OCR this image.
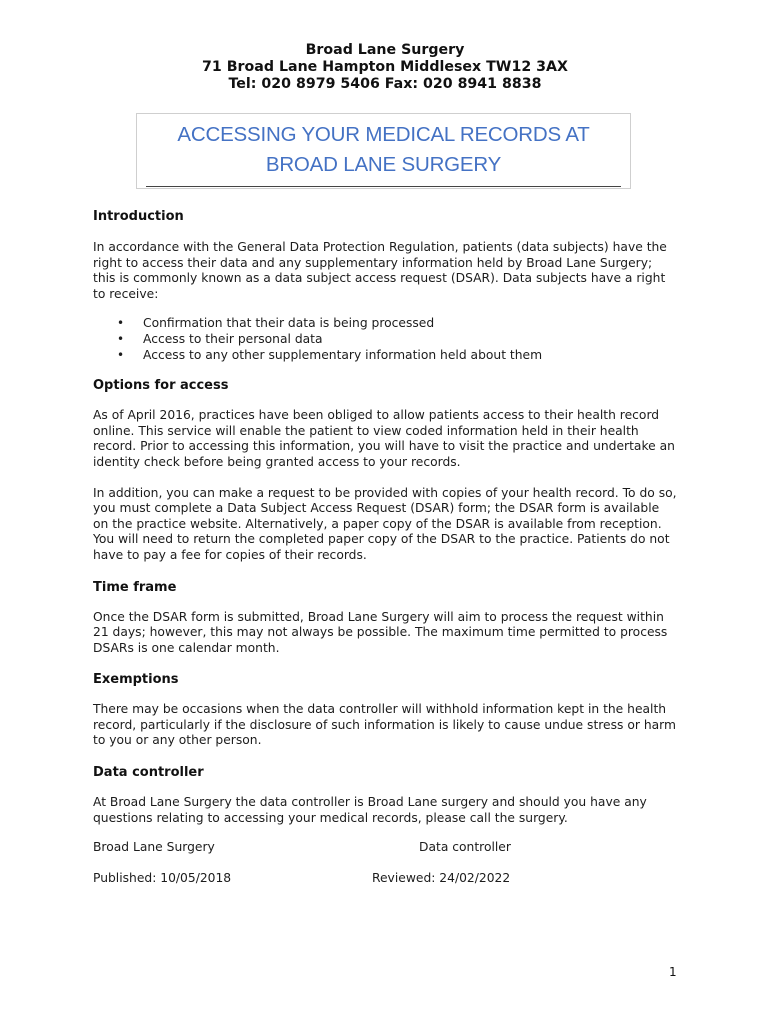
Broad Lane Surgery
71 Broad Lane Hampton Middlesex TW12 3AX
Tel: 020 8979 5406 Fax: 020 8941 8838
ACCESSING YOUR MEDICAL RECORDS AT
BROAD LANE SURGERY
Introduction

In accordance with the General Data Protection Regulation, patients (data subjects) have the right to access their data and any supplementary information held by Broad Lane Surgery; this is commonly known as a data subject access request (DSAR). Data subjects have a right to receive:

• Confirmation that their data is being processed
• Access to their personal data
• Access to any other supplementary information held about them
Options for access

As of April 2016, practices have been obliged to allow patients access to their health record online. This service will enable the patient to view coded information held in their health record. Prior to accessing this information, you will have to visit the practice and undertake an identity check before being granted access to your records.

In addition, you can make a request to be provided with copies of your health record. To do so, you must complete a Data Subject Access Request (DSAR) form; the DSAR form is available on the practice website. Alternatively, a paper copy of the DSAR is available from reception. You will need to return the completed paper copy of the DSAR to the practice. Patients do not have to pay a fee for copies of their records.

Time frame

Once the DSAR form is submitted, Broad Lane Surgery will aim to process the request within 21 days; however, this may not always be possible. The maximum time permitted to process DSARs is one calendar month.

Exemptions

There may be occasions when the data controller will withhold information kept in the health record, particularly if the disclosure of such information is likely to cause undue stress or harm to you or any other person.

Data controller

At Broad Lane Surgery the data controller is Broad Lane surgery and should you have any questions relating to accessing your medical records, please call the surgery.

Broad Lane Surgery	Data controller
Published: 10/05/2018	Reviewed: 24/02/2022
1
